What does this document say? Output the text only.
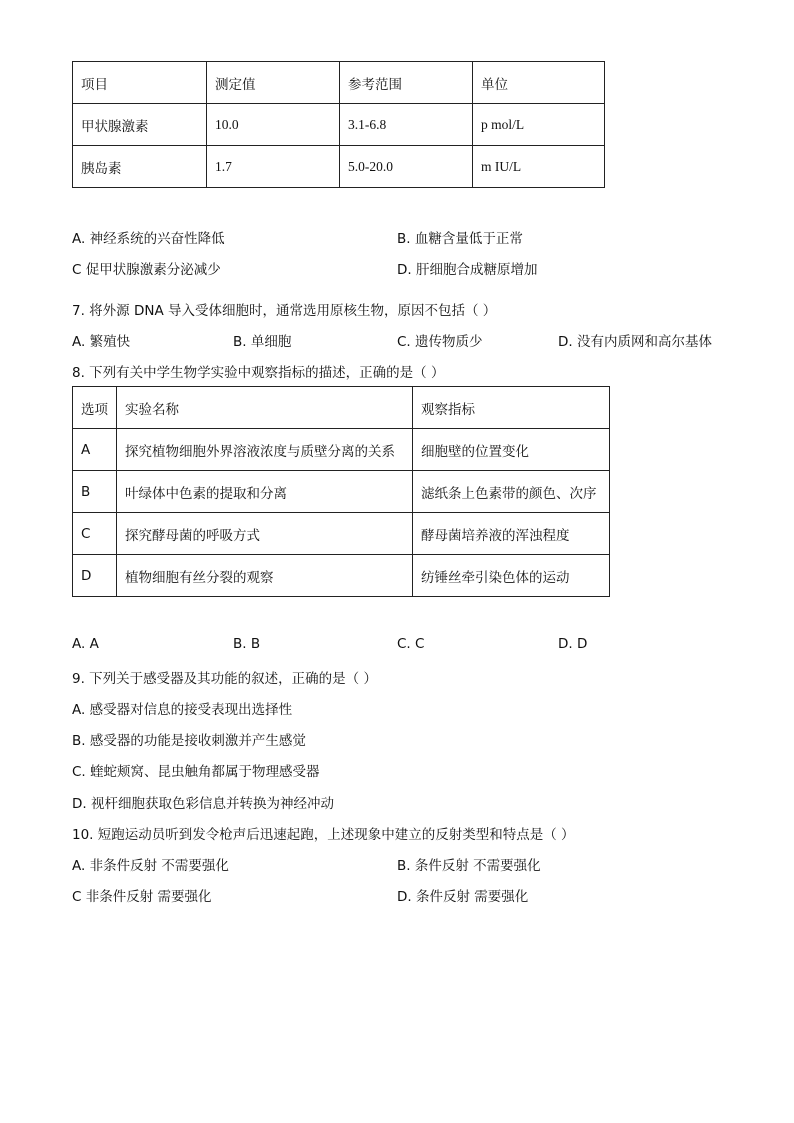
项目	测定值	参考范围	单位
甲状腺激素	10.0	3.1-6.8	p mol/L
胰岛素	1.7	5.0-20.0	m IU/L
A. 神经系统的兴奋性降低	B. 血糖含量低于正常
C 促甲状腺激素分泌减少	D. 肝细胞合成糖原增加
7. 将外源 DNA 导入受体细胞时，通常选用原核生物，原因不包括（ ）
A. 繁殖快	B. 单细胞	C. 遗传物质少	D. 没有内质网和高尔基体
8. 下列有关中学生物学实验中观察指标的描述，正确的是（ ）
选项	实验名称	观察指标
A	探究植物细胞外界溶液浓度与质壁分离的关系	细胞壁的位置变化
B	叶绿体中色素的提取和分离	滤纸条上色素带的颜色、次序
C	探究酵母菌的呼吸方式	酵母菌培养液的浑浊程度
D	植物细胞有丝分裂的观察	纺锤丝牵引染色体的运动
A. A	B. B	C. C	D. D
9. 下列关于感受器及其功能的叙述，正确的是（ ）
A. 感受器对信息的接受表现出选择性
B. 感受器的功能是接收刺激并产生感觉
C. 蝰蛇颊窝、昆虫触角都属于物理感受器
D. 视杆细胞获取色彩信息并转换为神经冲动
10. 短跑运动员听到发令枪声后迅速起跑，上述现象中建立的反射类型和特点是（ ）
A. 非条件反射 不需要强化	B. 条件反射 不需要强化
C 非条件反射 需要强化	D. 条件反射 需要强化
